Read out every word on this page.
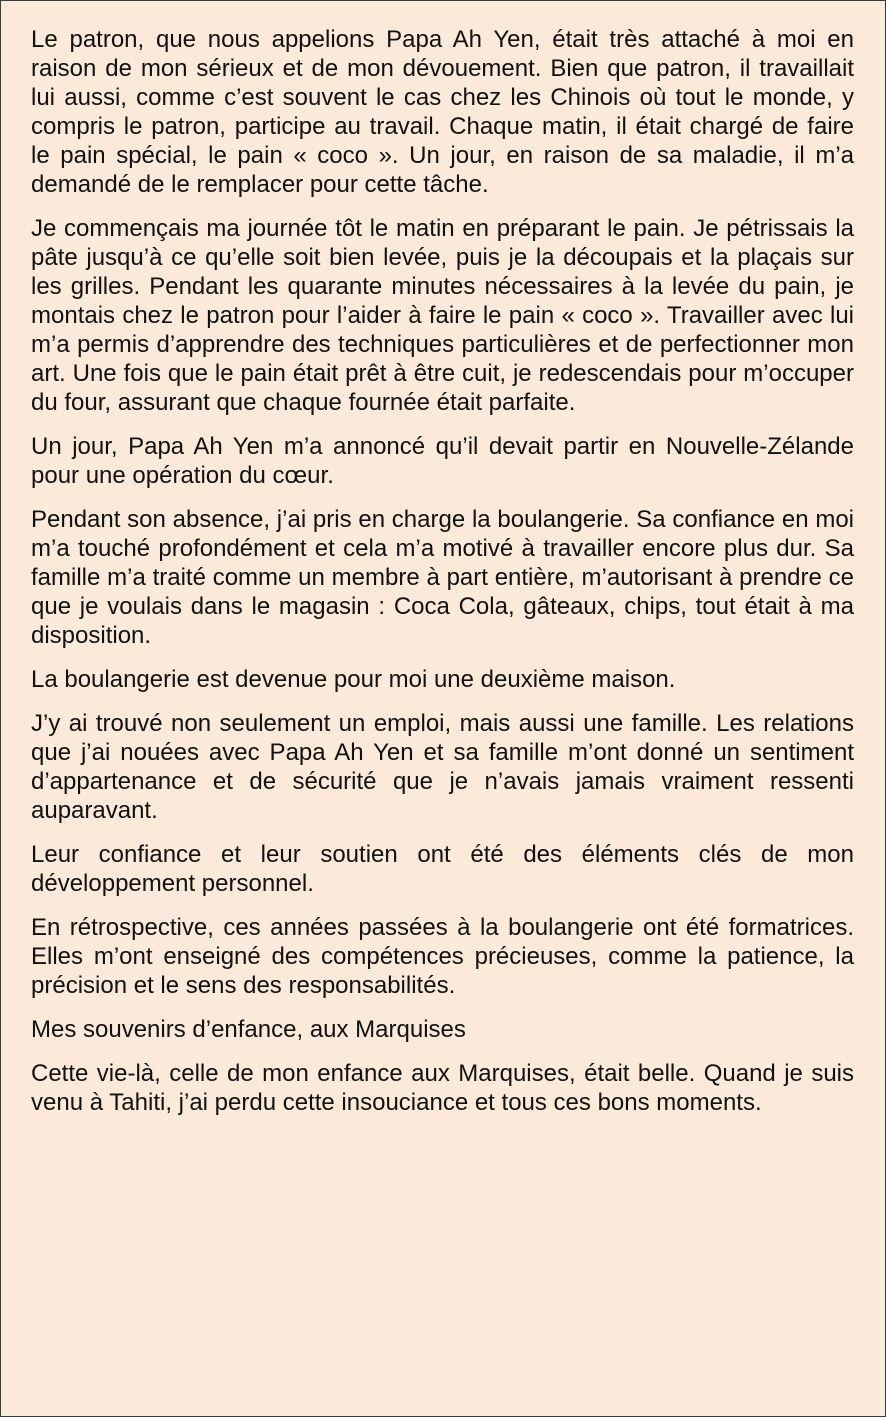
Le patron, que nous appelions Papa Ah Yen, était très attaché à moi en raison de mon sérieux et de mon dévouement. Bien que patron, il travaillait lui aussi, comme c’est souvent le cas chez les Chinois où tout le monde, y compris le patron, participe au travail. Chaque matin, il était chargé de faire le pain spécial, le pain « coco ». Un jour, en raison de sa maladie, il m’a demandé de le remplacer pour cette tâche.

Je commençais ma journée tôt le matin en préparant le pain. Je pétrissais la pâte jusqu’à ce qu’elle soit bien levée, puis je la découpais et la plaçais sur les grilles. Pendant les quarante minutes nécessaires à la levée du pain, je montais chez le patron pour l’aider à faire le pain « coco ». Travailler avec lui m’a permis d’apprendre des techniques particulières et de perfectionner mon art. Une fois que le pain était prêt à être cuit, je redescendais pour m’occuper du four, assurant que chaque fournée était parfaite.

Un jour, Papa Ah Yen m’a annoncé qu’il devait partir en Nouvelle-Zélande pour une opération du cœur.

Pendant son absence, j’ai pris en charge la boulangerie. Sa confiance en moi m’a touché profondément et cela m’a motivé à travailler encore plus dur. Sa famille m’a traité comme un membre à part entière, m’autorisant à prendre ce que je voulais dans le magasin : Coca Cola, gâteaux, chips, tout était à ma disposition.

La boulangerie est devenue pour moi une deuxième maison.

J’y ai trouvé non seulement un emploi, mais aussi une famille. Les relations que j’ai nouées avec Papa Ah Yen et sa famille m’ont donné un sentiment d’appartenance et de sécurité que je n’avais jamais vraiment ressenti auparavant.

Leur confiance et leur soutien ont été des éléments clés de mon développement personnel.

En rétrospective, ces années passées à la boulangerie ont été formatrices. Elles m’ont enseigné des compétences précieuses, comme la patience, la précision et le sens des responsabilités.

Mes souvenirs d’enfance, aux Marquises

Cette vie-là, celle de mon enfance aux Marquises, était belle. Quand je suis venu à Tahiti, j’ai perdu cette insouciance et tous ces bons moments.
